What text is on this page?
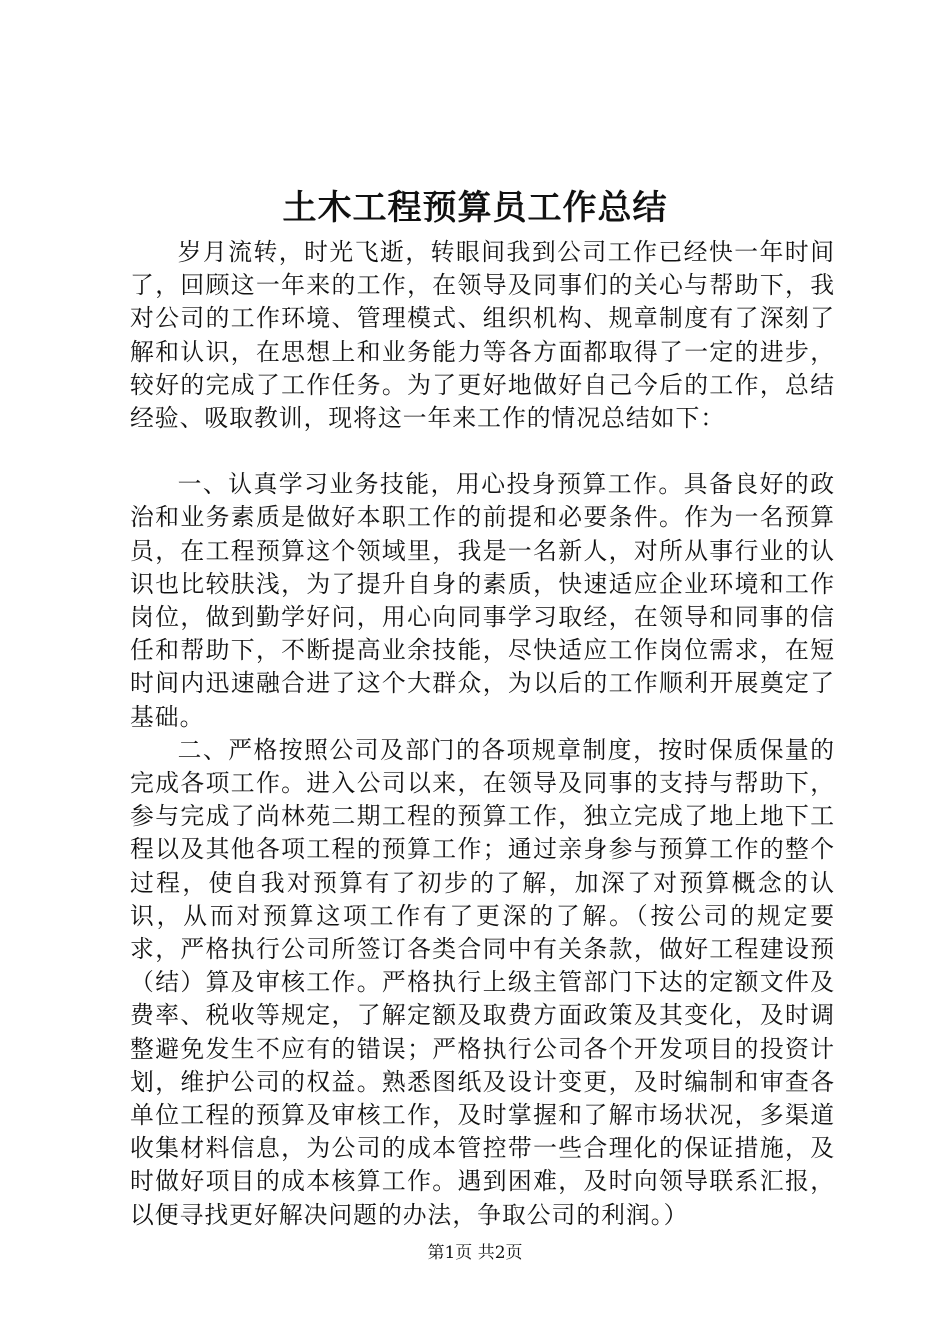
土木工程预算员工作总结

岁月流转，时光飞逝，转眼间我到公司工作已经快一年时间了，回顾这一年来的工作，在领导及同事们的关心与帮助下，我对公司的工作环境、管理模式、组织机构、规章制度有了深刻了解和认识，在思想上和业务能力等各方面都取得了一定的进步，较好的完成了工作任务。为了更好地做好自己今后的工作，总结经验、吸取教训，现将这一年来工作的情况总结如下：

一、认真学习业务技能，用心投身预算工作。具备良好的政治和业务素质是做好本职工作的前提和必要条件。作为一名预算员，在工程预算这个领域里，我是一名新人，对所从事行业的认识也比较肤浅，为了提升自身的素质，快速适应企业环境和工作岗位，做到勤学好问，用心向同事学习取经，在领导和同事的信任和帮助下，不断提高业余技能，尽快适应工作岗位需求，在短时间内迅速融合进了这个大群众，为以后的工作顺利开展奠定了基础。

二、严格按照公司及部门的各项规章制度，按时保质保量的完成各项工作。进入公司以来，在领导及同事的支持与帮助下，参与完成了尚林苑二期工程的预算工作，独立完成了地上地下工程以及其他各项工程的预算工作；通过亲身参与预算工作的整个过程，使自我对预算有了初步的了解，加深了对预算概念的认识，从而对预算这项工作有了更深的了解。（按公司的规定要求，严格执行公司所签订各类合同中有关条款，做好工程建设预（结）算及审核工作。严格执行上级主管部门下达的定额文件及费率、税收等规定，了解定额及取费方面政策及其变化，及时调整避免发生不应有的错误；严格执行公司各个开发项目的投资计划，维护公司的权益。熟悉图纸及设计变更，及时编制和审查各单位工程的预算及审核工作，及时掌握和了解市场状况，多渠道收集材料信息，为公司的成本管控带一些合理化的保证措施，及时做好项目的成本核算工作。遇到困难，及时向领导联系汇报，以便寻找更好解决问题的办法，争取公司的利润。）

第1页 共2页
